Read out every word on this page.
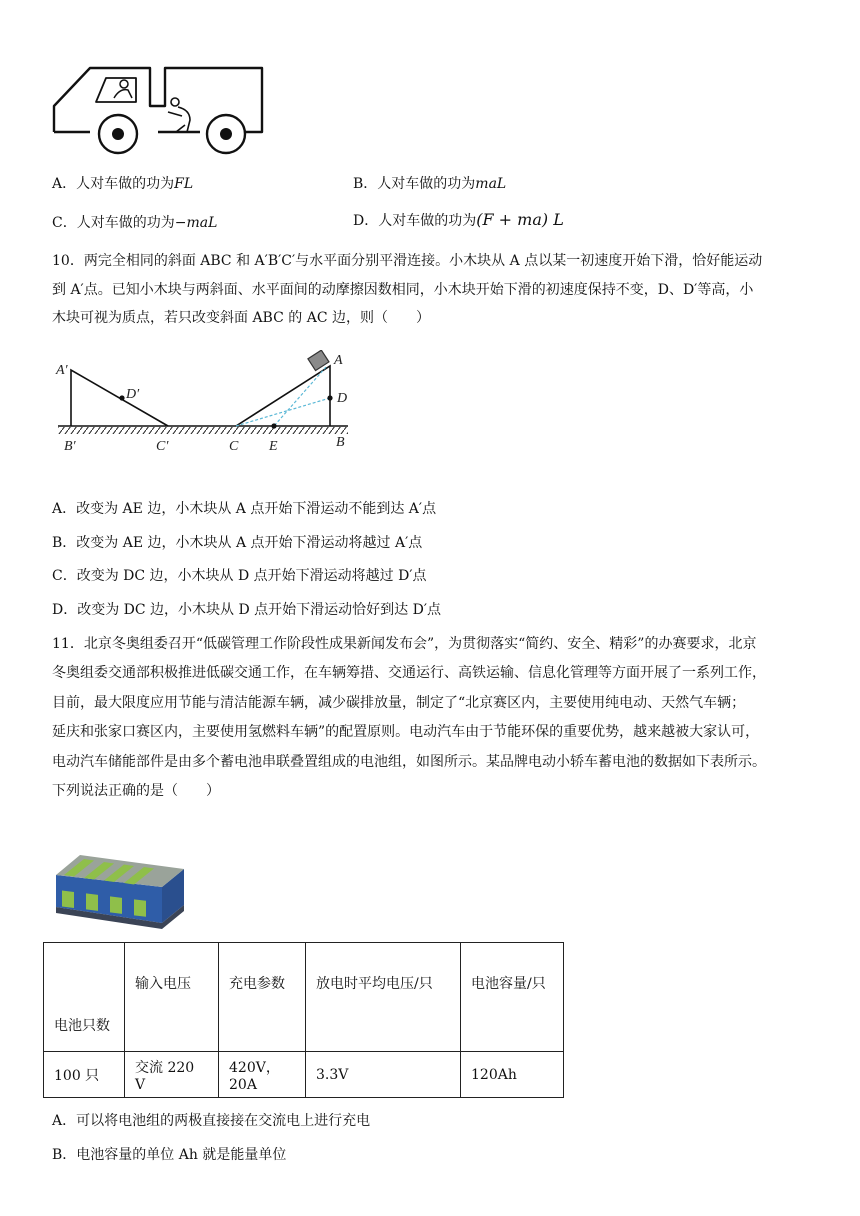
A．人对车做的功为FL	B．人对车做的功为maL
C．人对车做的功为−maL	D．人对车做的功为(F + ma) L
10．两完全相同的斜面 ABC 和 A′B′C′与水平面分别平滑连接。小木块从 A 点以某一初速度开始下滑，恰好能运动
到 A′点。已知小木块与两斜面、水平面间的动摩擦因数相同，小木块开始下滑的初速度保持不变，D、D′等高，小
木块可视为质点，若只改变斜面 ABC 的 AC 边，则（　　）
A′
D′
B′	C′	C E
A
D
B
A．改变为 AE 边，小木块从 A 点开始下滑运动不能到达 A′点
B．改变为 AE 边，小木块从 A 点开始下滑运动将越过 A′点
C．改变为 DC 边，小木块从 D 点开始下滑运动将越过 D′点
D．改变为 DC 边，小木块从 D 点开始下滑运动恰好到达 D′点
11．北京冬奥组委召开“低碳管理工作阶段性成果新闻发布会”，为贯彻落实“简约、安全、精彩”的办赛要求，北京
冬奥组委交通部积极推进低碳交通工作，在车辆筹措、交通运行、高铁运输、信息化管理等方面开展了一系列工作，
目前，最大限度应用节能与清洁能源车辆，减少碳排放量，制定了“北京赛区内，主要使用纯电动、天然气车辆；
延庆和张家口赛区内，主要使用氢燃料车辆”的配置原则。电动汽车由于节能环保的重要优势，越来越被大家认可，
电动汽车储能部件是由多个蓄电池串联叠置组成的电池组，如图所示。某品牌电动小轿车蓄电池的数据如下表所示。
下列说法正确的是（　　）
电池只数	输入电压	充电参数	放电时平均电压/只	电池容量/只
100 只	交流 220 V	420V，20A	3.3V	120Ah
A．可以将电池组的两极直接接在交流电上进行充电
B．电池容量的单位 Ah 就是能量单位
